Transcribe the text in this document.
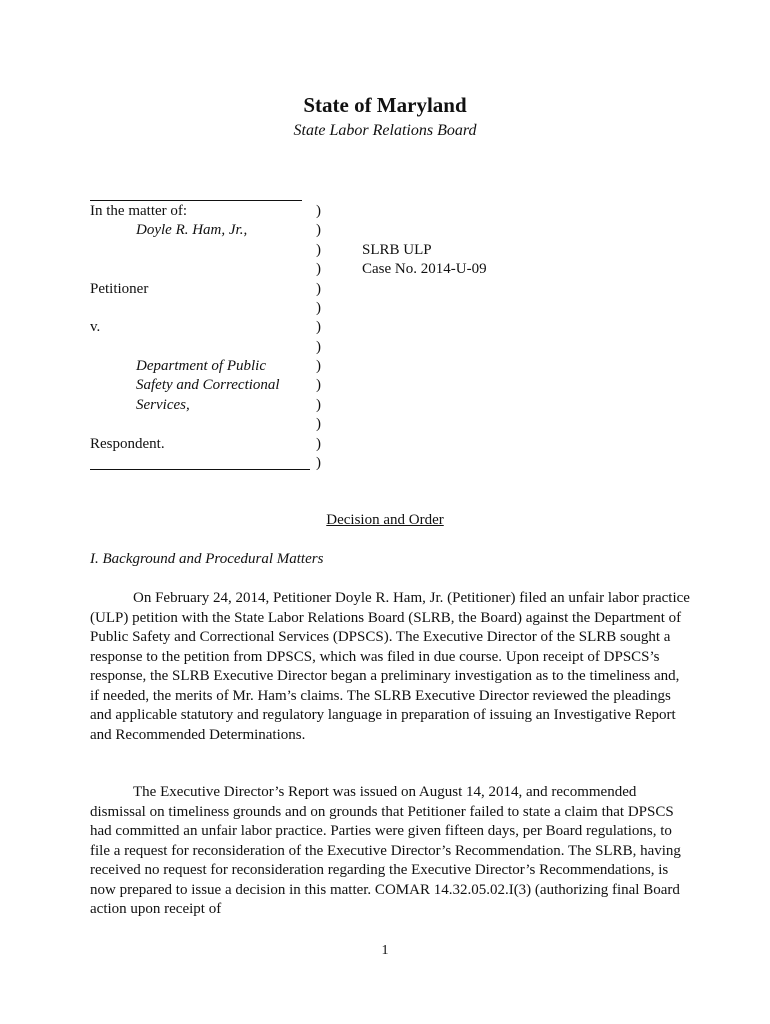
State of Maryland
State Labor Relations Board
In the matter of:
Doyle R. Ham, Jr.,
Petitioner
v.
Department of Public
Safety and Correctional
Services,
Respondent.
)
)
)
)
)
)
)
)
)
)
)
)
)
)
SLRB ULP
Case No. 2014-U-09
Decision and Order
I. Background and Procedural Matters

On February 24, 2014, Petitioner Doyle R. Ham, Jr. (Petitioner) filed an unfair labor practice (ULP) petition with the State Labor Relations Board (SLRB, the Board) against the Department of Public Safety and Correctional Services (DPSCS). The Executive Director of the SLRB sought a response to the petition from DPSCS, which was filed in due course. Upon receipt of DPSCS’s response, the SLRB Executive Director began a preliminary investigation as to the timeliness and, if needed, the merits of Mr. Ham’s claims. The SLRB Executive Director reviewed the pleadings and applicable statutory and regulatory language in preparation of issuing an Investigative Report and Recommended Determinations.

The Executive Director’s Report was issued on August 14, 2014, and recommended dismissal on timeliness grounds and on grounds that Petitioner failed to state a claim that DPSCS had committed an unfair labor practice. Parties were given fifteen days, per Board regulations, to file a request for reconsideration of the Executive Director’s Recommendation. The SLRB, having received no request for reconsideration regarding the Executive Director’s Recommendations, is now prepared to issue a decision in this matter. COMAR 14.32.05.02.I(3) (authorizing final Board action upon receipt of

1
